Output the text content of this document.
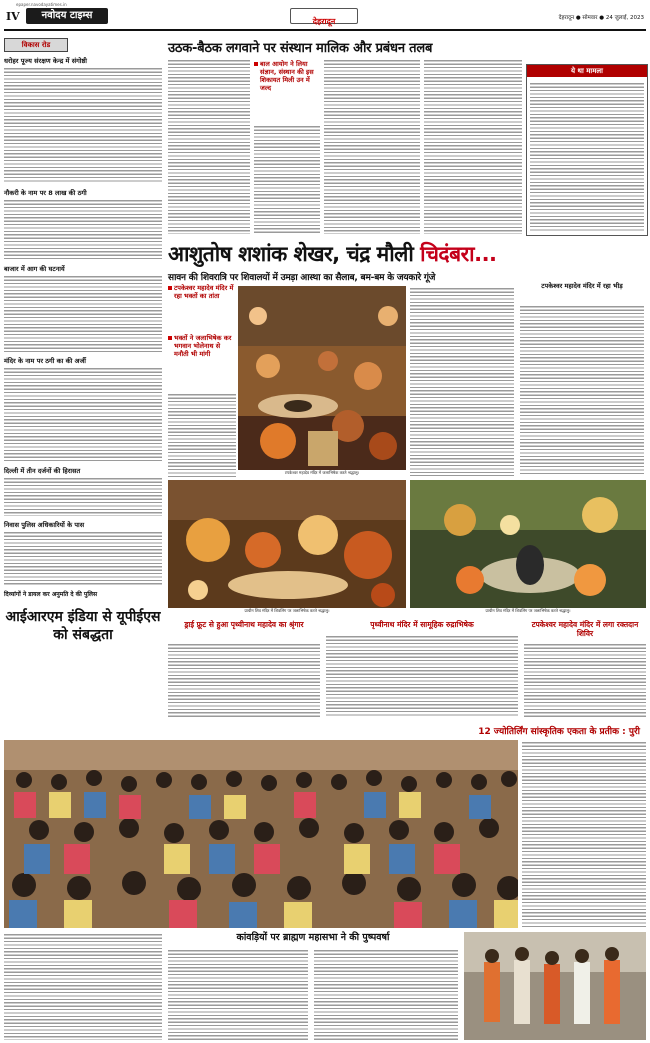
epaper.navodayatimes.in
IV	नवोदय टाइम्स
देहरादून	देहरादून ● सोमवार ● 24 जुलाई, 2023
विकास रोड
धरोहर पूज्य संरक्षण केन्द्र में संगोष्ठी
नौकरी के नाम पर 8 लाख की ठगी
बाजार में आग की घटनायें
मंदिर के नाम पर ठगी का की अर्जी
दिल्ली में तीन दर्जनों की हिरासत
निवास पुलिस अधिकारियों के पास
दिव्यांगों ने डायल कर अनुमति दे की पुलिस
उठक-बैठक लगवाने पर संस्थान मालिक और प्रबंधन तलब
बाल आयोग ने लिया संज्ञान, संस्थान की इस शिकायत मिली उन में जल्द
ये था मामला
आशुतोष शशांक शेखर, चंद्र मौली चिदंबरा...
सावन की शिवरात्रि पर शिवालयों में उमड़ा आस्था का सैलाब, बम-बम के जयकारे गूंजे
टपकेश्वर महादेव मंदिर में रहा भक्तों का तांता
भक्तों ने जलाभिषेक कर भगवान भोलेनाथ से मनौती भी मांगी
टपकेश्वर महादेव मंदिर में जलाभिषेक करते श्रद्धालु।
टपकेश्वर महादेव मंदिर में रहा भीड़
प्राचीन शिव मंदिर में शिवलिंग पर जलाभिषेक करते श्रद्धालु।	प्राचीन शिव मंदिर में शिवलिंग पर जलाभिषेक करते श्रद्धालु।
ड्राई फ्रूट से हुआ पृथ्वीनाथ महादेव का श्रृंगार	पृथ्वीनाथ मंदिर में सामूहिक रुद्राभिषेक	टपकेश्वर महादेव मंदिर में लगा रक्तदान शिविर
आईआरएम इंडिया से यूपीईएस को संबद्धता
12 ज्योतिर्लिंग सांस्कृतिक एकता के प्रतीक : पुरी
कांवड़ियों पर ब्राह्मण महासभा ने की पुष्पवर्षा
